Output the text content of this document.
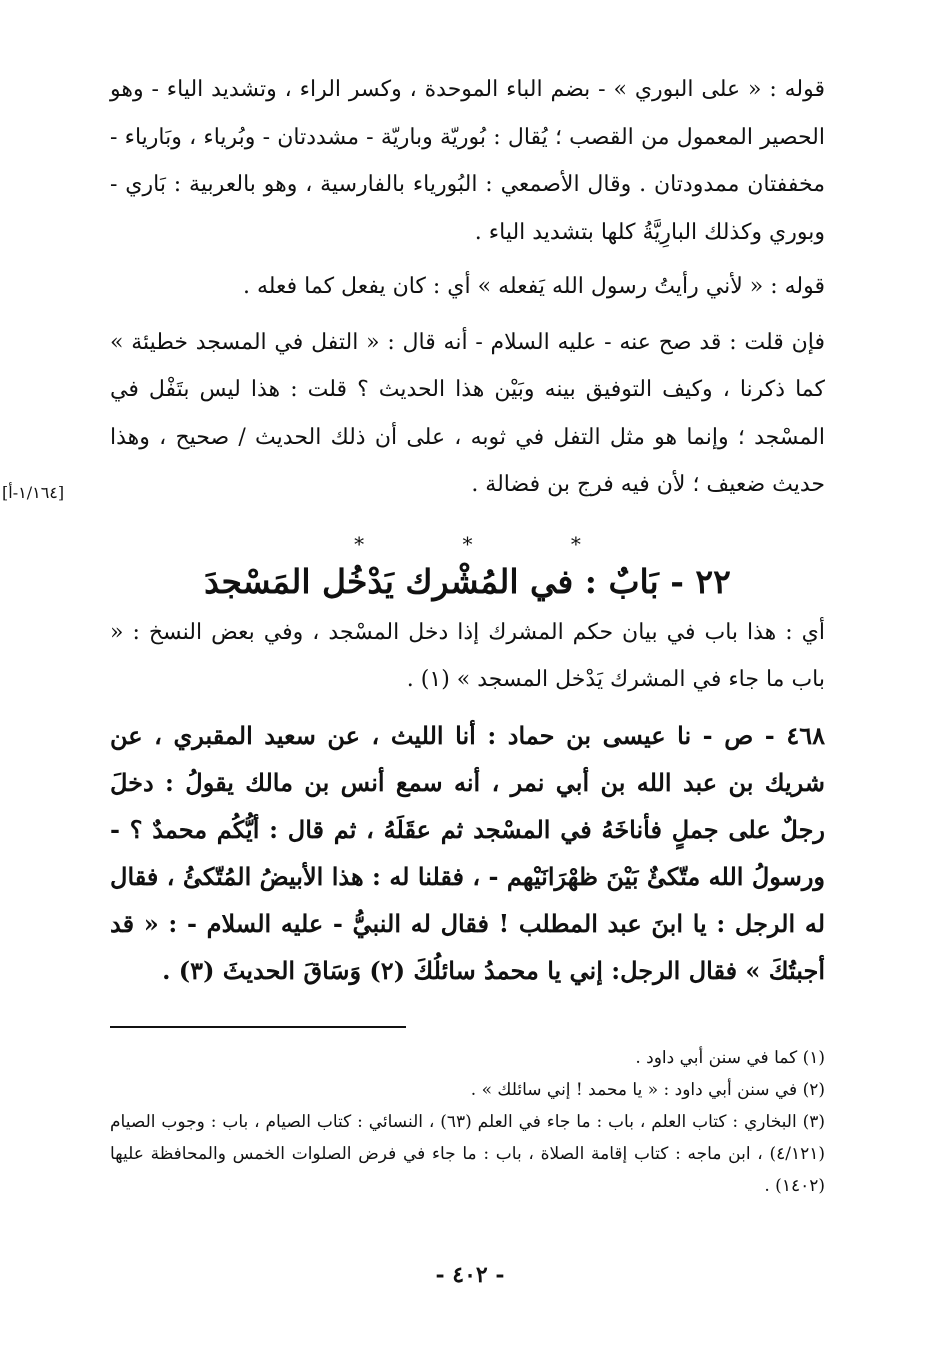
قوله : « على البوري » - بضم الباء الموحدة ، وكسر الراء ، وتشديد الياء - وهو الحصير المعمول من القصب ؛ يُقال : بُوريّة وباريّة - مشددتان - وبُرياء ، وبَارياء - مخففتان ممدودتان . وقال الأصمعي : البُورياء بالفارسية ، وهو بالعربية : بَاري - وبوري وكذلك البارِيَّةُ كلها بتشديد الياء .

قوله : « لأني رأيتُ رسول الله يَفعله » أي : كان يفعل كما فعله .

فإن قلت : قد صح عنه - عليه السلام - أنه قال : « التفل في المسجد خطيئة » كما ذكرنا ، وكيف التوفيق بينه وبَيْن هذا الحديث ؟ قلت : هذا ليس بتَفْل في المسْجد ؛ وإنما هو مثل التفل في ثوبه ، على أن ذلك الحديث / صحيح ، وهذا حديث ضعيف ؛ لأن فيه فرج بن فضالة .
[١/١٦٤-أ]

* * *
٢٢ - بَابٌ : في المُشْرك يَدْخُل المَسْجدَ

أي : هذا باب في بيان حكم المشرك إذا دخل المسْجد ، وفي بعض النسخ : « باب ما جاء في المشرك يَدْخل المسجد » (١) .

٤٦٨ - ص - نا عيسى بن حماد : أنا الليث ، عن سعيد المقبري ، عن شريك بن عبد الله بن أبي نمر ، أنه سمع أنس بن مالك يقولُ : دخلَ رجلٌ على جملٍ فأناخَهُ في المسْجد ثم عقَلَهُ ، ثم قال : أيُّكُم محمدٌ ؟ - ورسولُ الله متّكئٌ بَيْنَ ظهْرَانَيْهم - ، فقلنا له : هذا الأبيضُ المُتّكئُ ، فقال له الرجل : يا ابنَ عبد المطلب ! فقال له النبيُّ - عليه السلام - : « قد أجبتُكَ » فقال الرجل: إني يا محمدُ سائلُكَ (٢) وَسَاقَ الحديثَ (٣) .

(١) كما في سنن أبي داود .

(٢) في سنن أبي داود : « يا محمد ! إني سائلك » .

(٣) البخاري : كتاب العلم ، باب : ما جاء في العلم (٦٣) ، النسائي : كتاب الصيام ، باب : وجوب الصيام (٤/١٢١) ، ابن ماجه : كتاب إقامة الصلاة ، باب : ما جاء في فرض الصلوات الخمس والمحافظة عليها (١٤٠٢) .

- ٤٠٢ -
